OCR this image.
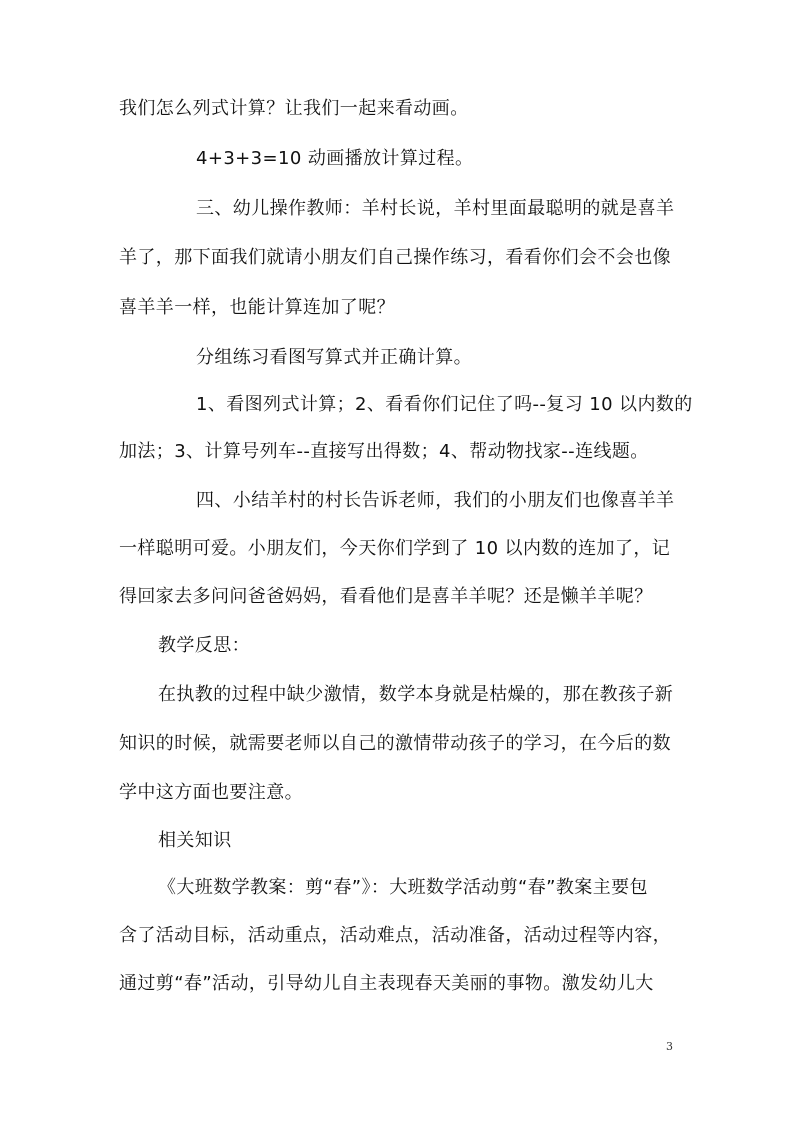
我们怎么列式计算？让我们一起来看动画。
4+3+3=10 动画播放计算过程。
三、幼儿操作教师：羊村长说，羊村里面最聪明的就是喜羊
羊了，那下面我们就请小朋友们自己操作练习，看看你们会不会也像
喜羊羊一样，也能计算连加了呢？
分组练习看图写算式并正确计算。
1、看图列式计算；2、看看你们记住了吗--复习 10 以内数的
加法；3、计算号列车--直接写出得数；4、帮动物找家--连线题。
四、小结羊村的村长告诉老师，我们的小朋友们也像喜羊羊
一样聪明可爱。小朋友们，今天你们学到了 10 以内数的连加了，记
得回家去多问问爸爸妈妈，看看他们是喜羊羊呢？还是懒羊羊呢？
教学反思：
在执教的过程中缺少激情，数学本身就是枯燥的，那在教孩子新
知识的时候，就需要老师以自己的激情带动孩子的学习，在今后的数
学中这方面也要注意。
相关知识
《大班数学教案：剪“春”》：大班数学活动剪“春”教案主要包
含了活动目标，活动重点，活动难点，活动准备，活动过程等内容，
通过剪“春”活动，引导幼儿自主表现春天美丽的事物。激发幼儿大
3
